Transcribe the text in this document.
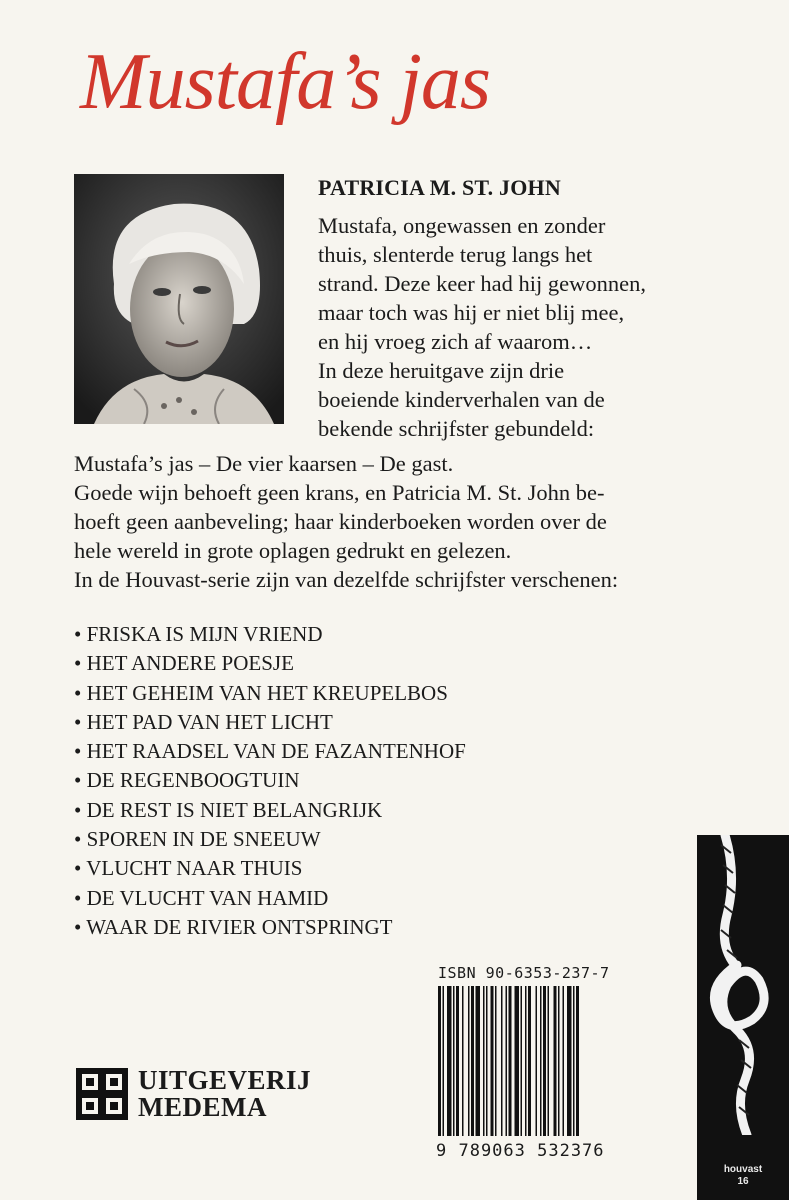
Mustafa’s jas
PATRICIA M. ST. JOHN
Mustafa, ongewassen en zonder
thuis, slenterde terug langs het
strand. Deze keer had hij gewonnen,
maar toch was hij er niet blij mee,
en hij vroeg zich af waarom…
In deze heruitgave zijn drie
boeiende kinderverhalen van de
bekende schrijfster gebundeld:
Mustafa’s jas – De vier kaarsen – De gast.
Goede wijn behoeft geen krans, en Patricia M. St. John be-
hoeft geen aanbeveling; haar kinderboeken worden over de
hele wereld in grote oplagen gedrukt en gelezen.
In de Houvast-serie zijn van dezelfde schrijfster verschenen:
• FRISKA IS MIJN VRIEND
• HET ANDERE POESJE
• HET GEHEIM VAN HET KREUPELBOS
• HET PAD VAN HET LICHT
• HET RAADSEL VAN DE FAZANTENHOF
• DE REGENBOOGTUIN
• DE REST IS NIET BELANGRIJK
• SPOREN IN DE SNEEUW
• VLUCHT NAAR THUIS
• DE VLUCHT VAN HAMID
• WAAR DE RIVIER ONTSPRINGT
ISBN 90-6353-237-7
9 789063 532376
UITGEVERIJ
MEDEMA
houvast
16
